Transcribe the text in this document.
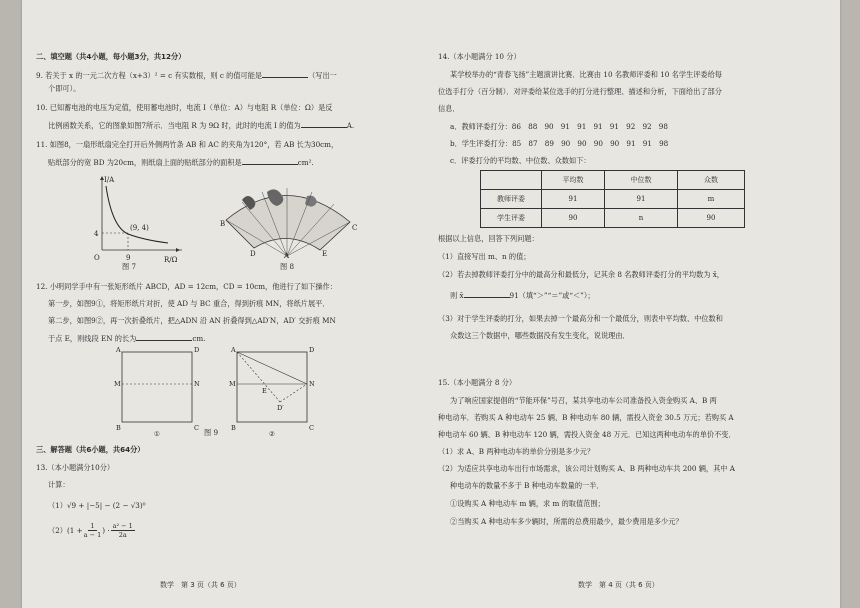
二、填空题（共4小题，每小题3分，共12分）
9. 若关于 x 的一元二次方程（x+3）² = c 有实数根，则 c 的值可能是	（写出一
个即可）。
10. 已知蓄电池的电压为定值，使用蓄电池时，电流 I（单位：A）与电阻 R（单位：Ω）是反
比例函数关系，它的图象如图7所示．当电阻 R 为 9Ω 时，此时的电流 I 的值为	A.
11. 如图8，一扇形纸扇完全打开后外侧两竹条 AB 和 AC 的夹角为120°，若 AB 长为30cm，
贴纸部分的宽 BD 为20cm，则纸扇上面的贴纸部分的面积是	cm².
I/A
R/Ω
(9, 4)
4
9
O
图 7
B
D	A	E
C
图 8
12. 小明同学手中有一张矩形纸片 ABCD，AD = 12cm，CD = 10cm，他进行了如下操作：
第一步，如图9①，将矩形纸片对折，使 AD 与 BC 重合，得到折痕 MN，将纸片展平．
第二步，如图9②，再一次折叠纸片，把△ADN 沿 AN 折叠得到△AD′N，AD′ 交折痕 MN
于点 E，则线段 EN 的长为	cm.
A	D
M	N
B	C
①
A	D
M	N
E
B
D′
C
②
图 9
三、解答题（共6小题，共64分）
13.（本小题满分10分）
计算：
（1）√9 + |−5| − (2 − √3)⁰
$(2)(1 + \frac{1}{a - 1}$ ) · a² − 1
2a
数学　第 3 页（共 6 页）
14.（本小题满分 10 分）
某学校举办的“青春飞扬”主题演讲比赛．比赛由 10 名教师评委和 10 名学生评委给每
位选手打分（百分制）．对评委给某位选手的打分进行整理、描述和分析，下面给出了部分
信息．
a．教师评委打分：86　88　90　91　91　91　91　92　92　98
b．学生评委打分：85　87　89　90　90　90　90　91　91　98
c．评委打分的平均数、中位数、众数如下：
	平均数	中位数	众数
教师评委	91	91	m
学生评委	90	n	90
根据以上信息，回答下列问题：
（1）直接写出 m、n 的值；
（2）若去掉教师评委打分中的最高分和最低分，记其余 8 名教师评委打分的平均数为 x̄，
则 x̄	91（填“＞”“＝”或“＜”）；
（3）对于学生评委的打分，如果去掉一个最高分和一个最低分，则表中平均数、中位数和
众数这三个数据中，哪些数据没有发生变化，说说理由．
15.（本小题满分 8 分）
为了响应国家提倡的“节能环保”号召，某共享电动车公司准备投入资金购买 A、B 两
种电动车．若购买 A 种电动车 25 辆、B 种电动车 80 辆，需投入资金 30.5 万元；若购买 A
种电动车 60 辆、B 种电动车 120 辆，需投入资金 48 万元．已知这两种电动车的单价不变．
（1）求 A、B 两种电动车的单价分别是多少元？
（2）为适应共享电动车出行市场需求，该公司计划购买 A、B 两种电动车共 200 辆，其中 A
种电动车的数量不多于 B 种电动车数量的一半．
①设购买 A 种电动车 m 辆，求 m 的取值范围；
②当购买 A 种电动车多少辆时，所需的总费用最少，最少费用是多少元？
数学　第 4 页（共 6 页）
